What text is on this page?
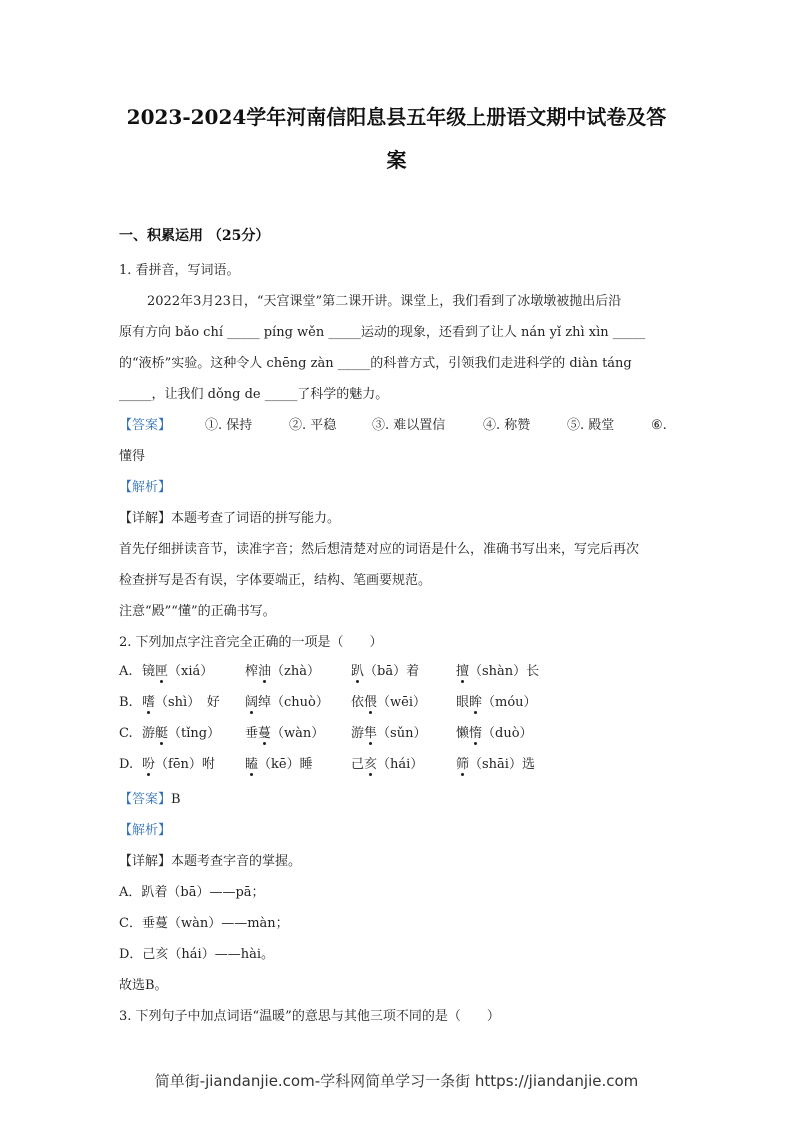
2023-2024学年河南信阳息县五年级上册语文期中试卷及答
案
一、积累运用 （25分）
1. 看拼音，写词语。
2022年3月23日，“天宫课堂”第二课开讲。课堂上，我们看到了冰墩墩被抛出后沿
原有方向 bǎo chí _____ píng wěn _____运动的现象，还看到了让人 nán yǐ zhì xìn _____
的“液桥”实验。这种令人 chēng zàn _____的科普方式，引领我们走进科学的 diàn táng
_____，让我们 dǒng de _____了科学的魅力。
【答案】	①. 保持	②. 平稳	③. 难以置信	④. 称赞	⑤. 殿堂	⑥.
懂得
【解析】
【详解】本题考查了词语的拼写能力。
首先仔细拼读音节，读准字音；然后想清楚对应的词语是什么，准确书写出来，写完后再次
检查拼写是否有误，字体要端正，结构、笔画要规范。
注意“殿”“懂”的正确书写。
2. 下列加点字注音完全正确的一项是（　　）
A. 镜匣（xiá） 榨油（zhà） 趴（bā）着	擅（shàn）长
B. 嗜（shì）　好 阔绰（chuò） 依偎（wēi） 眼眸（móu）
C. 游艇（tǐng） 垂蔓（wàn） 游隼（sǔn） 懒惰（duò）
D. 吩（fēn）咐 瞌（kē）睡	己亥（hái）	筛（shāi）选
【答案】B
【解析】
【详解】本题考查字音的掌握。
A．趴着（bā）——pā；
C．垂蔓（wàn）——màn；
D．己亥（hái）——hài。
故选B。
3. 下列句子中加点词语“温暖”的意思与其他三项不同的是（　　）
简单街-jiandanjie.com-学科网简单学习一条街 https://jiandanjie.com
